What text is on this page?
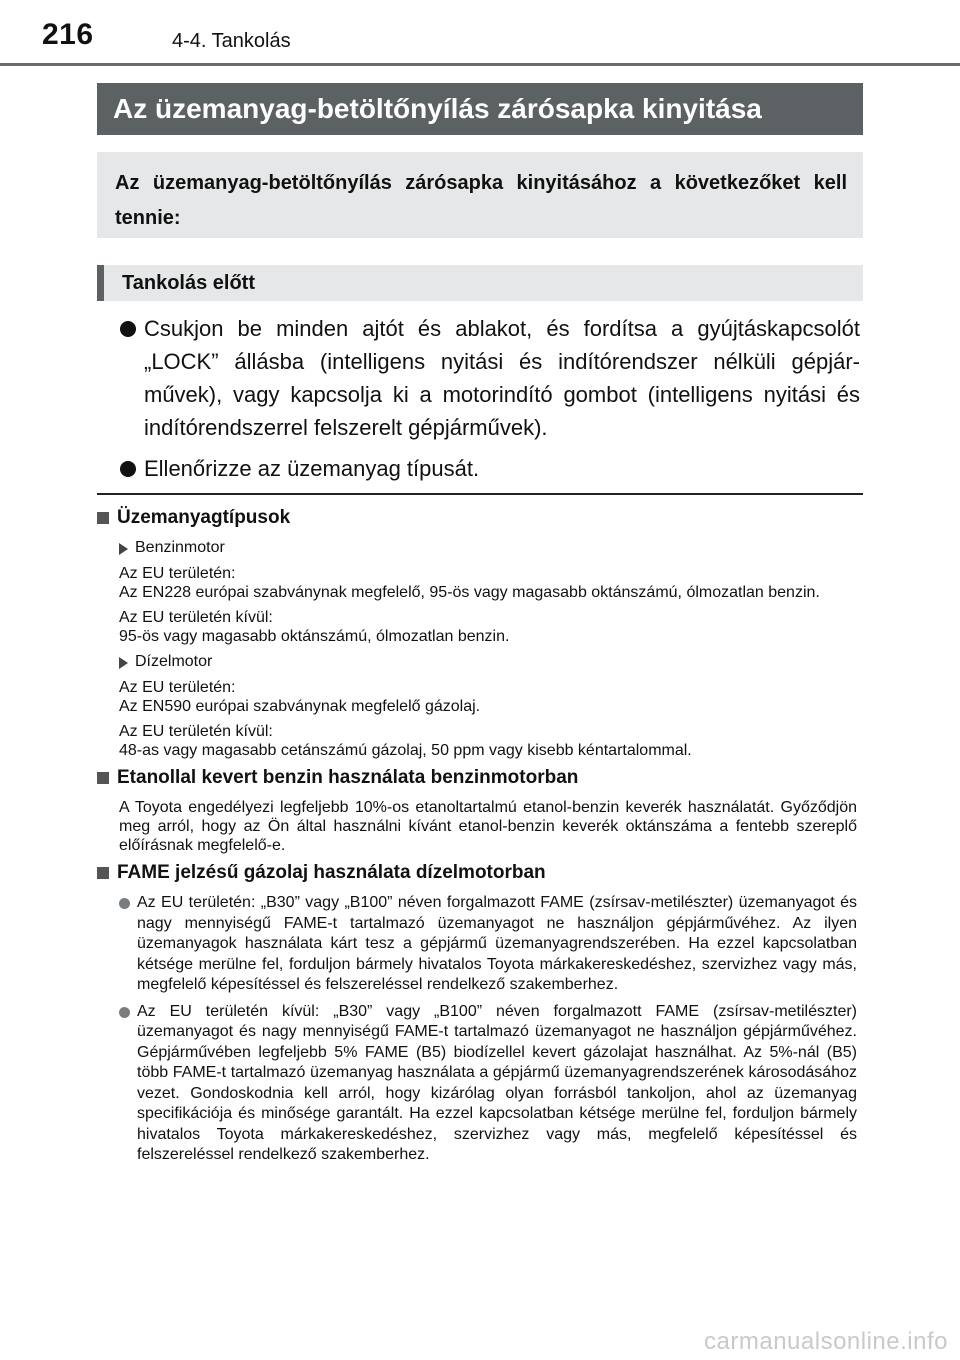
216	4-4. Tankolás
Az üzemanyag-betöltőnyílás zárósapka kinyitása
Az üzemanyag-betöltőnyílás zárósapka kinyitásához a következőket kell tennie:
Tankolás előtt
Csukjon be minden ajtót és ablakot, és fordítsa a gyújtáskapcsolót „LOCK” állásba (intelligens nyitási és indítórendszer nélküli gépjárművek), vagy kapcsolja ki a motorindító gombot (intelligens nyitási és indítórendszerrel felszerelt gépjárművek).
Ellenőrizze az üzemanyag típusát.
Üzemanyagtípusok
Benzinmotor
Az EU területén:
Az EN228 európai szabványnak megfelelő, 95-ös vagy magasabb oktánszámú, ólmozatlan benzin.
Az EU területén kívül:
95-ös vagy magasabb oktánszámú, ólmozatlan benzin.
Dízelmotor
Az EU területén:
Az EN590 európai szabványnak megfelelő gázolaj.
Az EU területén kívül:
48-as vagy magasabb cetánszámú gázolaj, 50 ppm vagy kisebb kéntartalommal.
Etanollal kevert benzin használata benzinmotorban
A Toyota engedélyezi legfeljebb 10%-os etanoltartalmú etanol-benzin keverék használatát. Győződjön meg arról, hogy az Ön által használni kívánt etanol-benzin keverék oktánszáma a fentebb szereplő előírásnak megfelelő-e.
FAME jelzésű gázolaj használata dízelmotorban
Az EU területén: „B30” vagy „B100” néven forgalmazott FAME (zsírsav-metilészter) üzemanyagot és nagy mennyiségű FAME-t tartalmazó üzemanyagot ne használjon gépjárművéhez. Az ilyen üzemanyagok használata kárt tesz a gépjármű üzemanyagrendszerében. Ha ezzel kapcsolatban kétsége merülne fel, forduljon bármely hivatalos Toyota márkakereskedéshez, szervizhez vagy más, megfelelő képesítéssel és felszereléssel rendelkező szakemberhez.
Az EU területén kívül: „B30” vagy „B100” néven forgalmazott FAME (zsírsav-metilészter) üzemanyagot és nagy mennyiségű FAME-t tartalmazó üzemanyagot ne használjon gépjárművéhez. Gépjárművében legfeljebb 5% FAME (B5) biodízellel kevert gázolajat használhat. Az 5%-nál (B5) több FAME-t tartalmazó üzemanyag használata a gépjármű üzemanyagrendszerének károsodásához vezet. Gondoskodnia kell arról, hogy kizárólag olyan forrásból tankoljon, ahol az üzemanyag specifikációja és minősége garantált. Ha ezzel kapcsolatban kétsége merülne fel, forduljon bármely hivatalos Toyota márkakereskedéshez, szervizhez vagy más, megfelelő képesítéssel és felszereléssel rendelkező szakemberhez.
carmanualsonline.info
